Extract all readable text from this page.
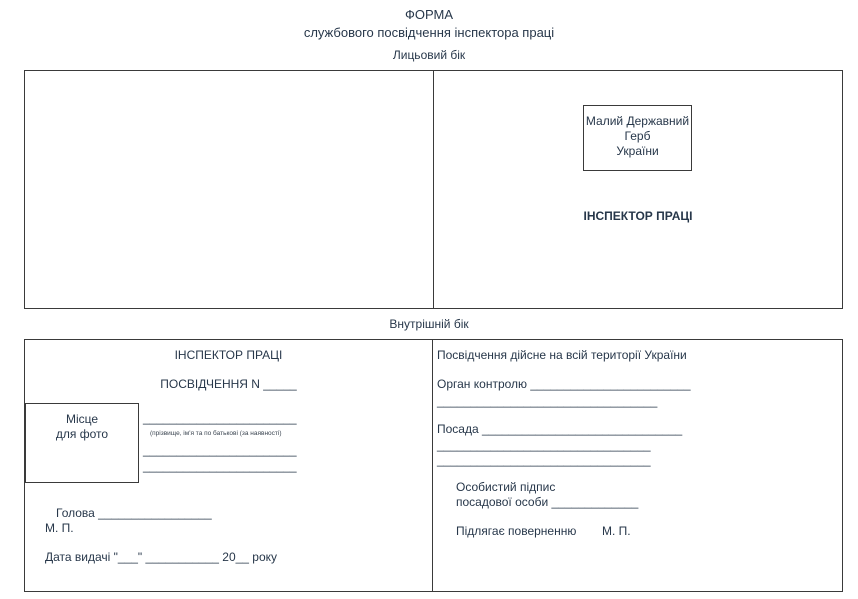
ФОРМА
службового посвідчення інспектора праці
Лицьовий бік
Малий Державний
Герб
України
ІНСПЕКТОР ПРАЦІ
Внутрішній бік
ІНСПЕКТОР ПРАЦІ
ПОСВІДЧЕННЯ N _____
Місце
для фото
_______________________
(прізвище, ім'я та по батькові (за наявності)
_______________________
_______________________
Голова _________________
М. П.
Дата видачі "___" ___________ 20__ року
Посвідчення дійсне на всій території України
Орган контролю ________________________
_________________________________
Посада ______________________________
________________________________
________________________________
Особистий підпис
посадової особи _____________
Підлягає поверненню М. П.
